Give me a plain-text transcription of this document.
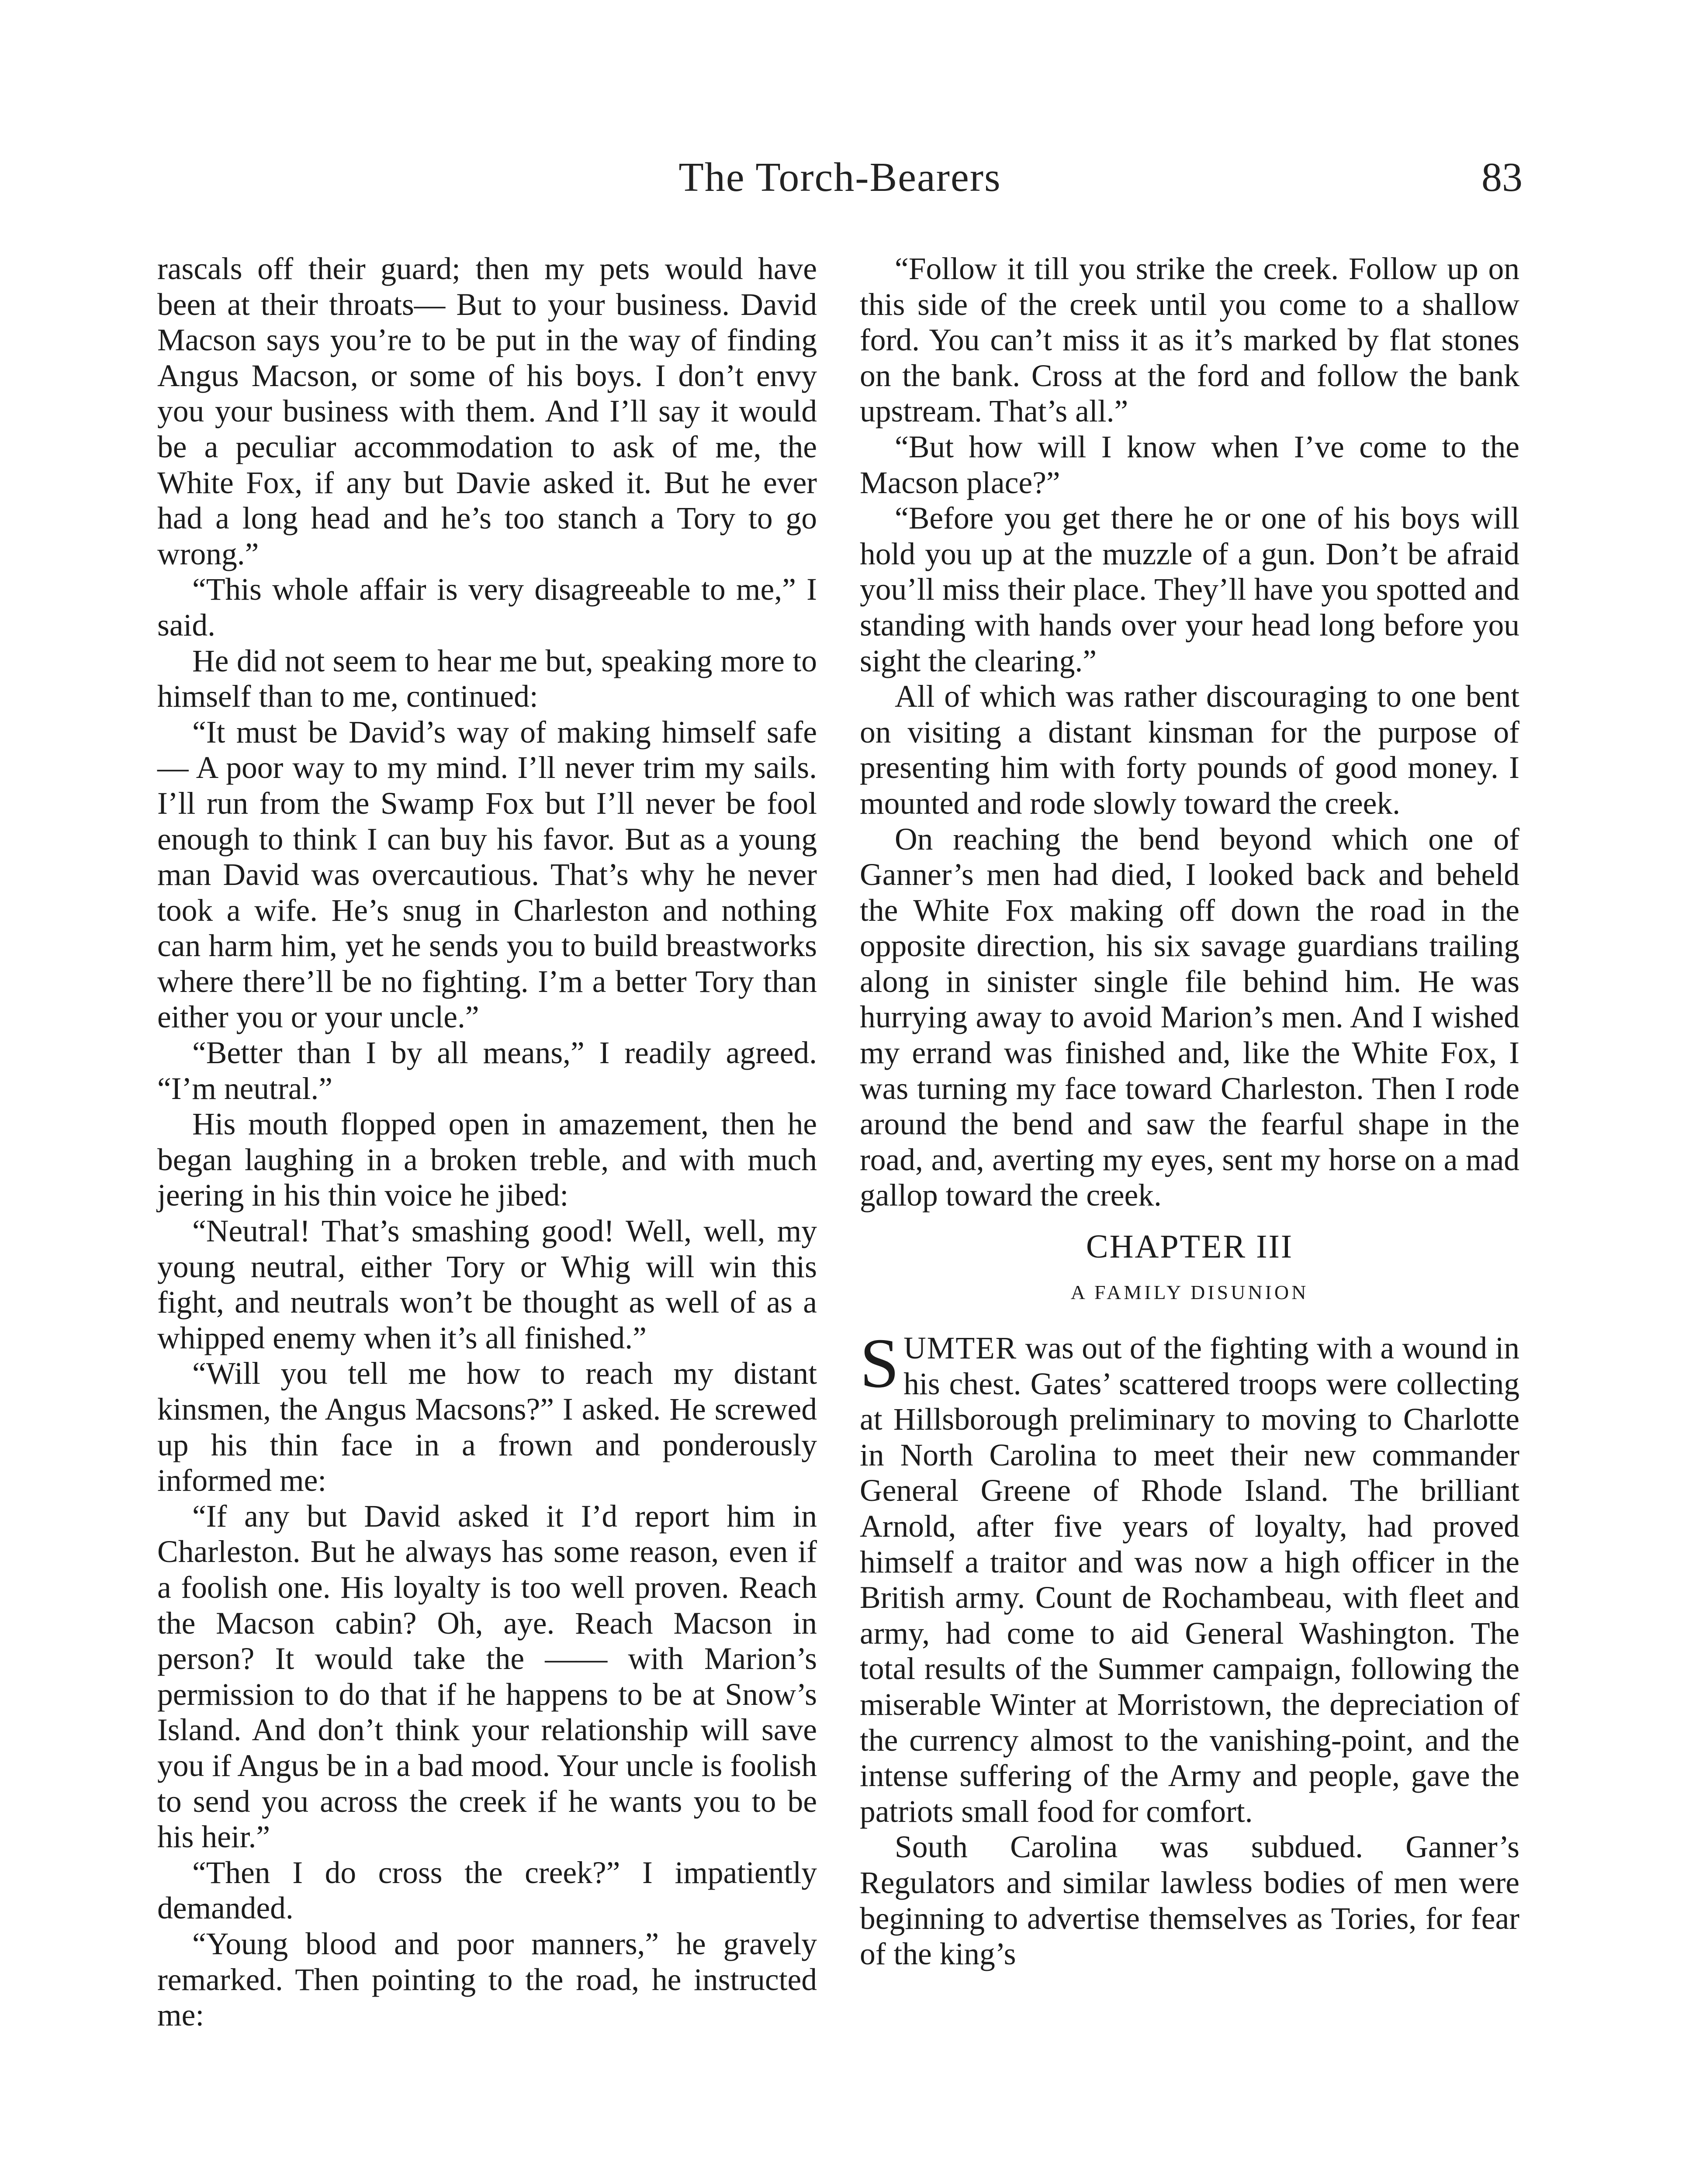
The Torch-Bearers	83

rascals off their guard; then my pets would have been at their throats— But to your business. David Macson says you’re to be put in the way of finding Angus Macson, or some of his boys. I don’t envy you your business with them. And I’ll say it would be a peculiar accommodation to ask of me, the White Fox, if any but Davie asked it. But he ever had a long head and he’s too stanch a Tory to go wrong.”

“This whole affair is very disagreeable to me,” I said.

He did not seem to hear me but, speaking more to himself than to me, continued:

“It must be David’s way of making himself safe— A poor way to my mind. I’ll never trim my sails. I’ll run from the Swamp Fox but I’ll never be fool enough to think I can buy his favor. But as a young man David was overcautious. That’s why he never took a wife. He’s snug in Charleston and nothing can harm him, yet he sends you to build breastworks where there’ll be no fighting. I’m a better Tory than either you or your uncle.”

“Better than I by all means,” I readily agreed. “I’m neutral.”

His mouth flopped open in amazement, then he began laughing in a broken treble, and with much jeering in his thin voice he jibed:

“Neutral! That’s smashing good! Well, well, my young neutral, either Tory or Whig will win this fight, and neutrals won’t be thought as well of as a whipped enemy when it’s all finished.”

“Will you tell me how to reach my distant kinsmen, the Angus Macsons?” I asked. He screwed up his thin face in a frown and ponderously informed me:

“If any but David asked it I’d report him in Charleston. But he always has some reason, even if a foolish one. His loyalty is too well proven. Reach the Macson cabin? Oh, aye. Reach Macson in person? It would take the —— with Marion’s permission to do that if he happens to be at Snow’s Island. And don’t think your relationship will save you if Angus be in a bad mood. Your uncle is foolish to send you across the creek if he wants you to be his heir.”

“Then I do cross the creek?” I impatiently demanded.

“Young blood and poor manners,” he gravely remarked. Then pointing to the road, he instructed me:

“Follow it till you strike the creek. Follow up on this side of the creek until you come to a shallow ford. You can’t miss it as it’s marked by flat stones on the bank. Cross at the ford and follow the bank upstream. That’s all.”

“But how will I know when I’ve come to the Macson place?”

“Before you get there he or one of his boys will hold you up at the muzzle of a gun. Don’t be afraid you’ll miss their place. They’ll have you spotted and standing with hands over your head long before you sight the clearing.”

All of which was rather discouraging to one bent on visiting a distant kinsman for the purpose of presenting him with forty pounds of good money. I mounted and rode slowly toward the creek.

On reaching the bend beyond which one of Ganner’s men had died, I looked back and beheld the White Fox making off down the road in the opposite direction, his six savage guardians trailing along in sinister single file behind him. He was hurrying away to avoid Marion’s men. And I wished my errand was finished and, like the White Fox, I was turning my face toward Charleston. Then I rode around the bend and saw the fearful shape in the road, and, averting my eyes, sent my horse on a mad gallop toward the creek.

CHAPTER III
A FAMILY DISUNION

SUMTER was out of the fighting with a wound in his chest. Gates’ scattered troops were collecting at Hillsborough preliminary to moving to Charlotte in North Carolina to meet their new commander General Greene of Rhode Island. The brilliant Arnold, after five years of loyalty, had proved himself a traitor and was now a high officer in the British army. Count de Rochambeau, with fleet and army, had come to aid General Washington. The total results of the Summer campaign, following the miserable Winter at Morristown, the depreciation of the currency almost to the vanishing-point, and the intense suffering of the Army and people, gave the patriots small food for comfort.

South Carolina was subdued. Ganner’s Regulators and similar lawless bodies of men were beginning to advertise themselves as Tories, for fear of the king’s
